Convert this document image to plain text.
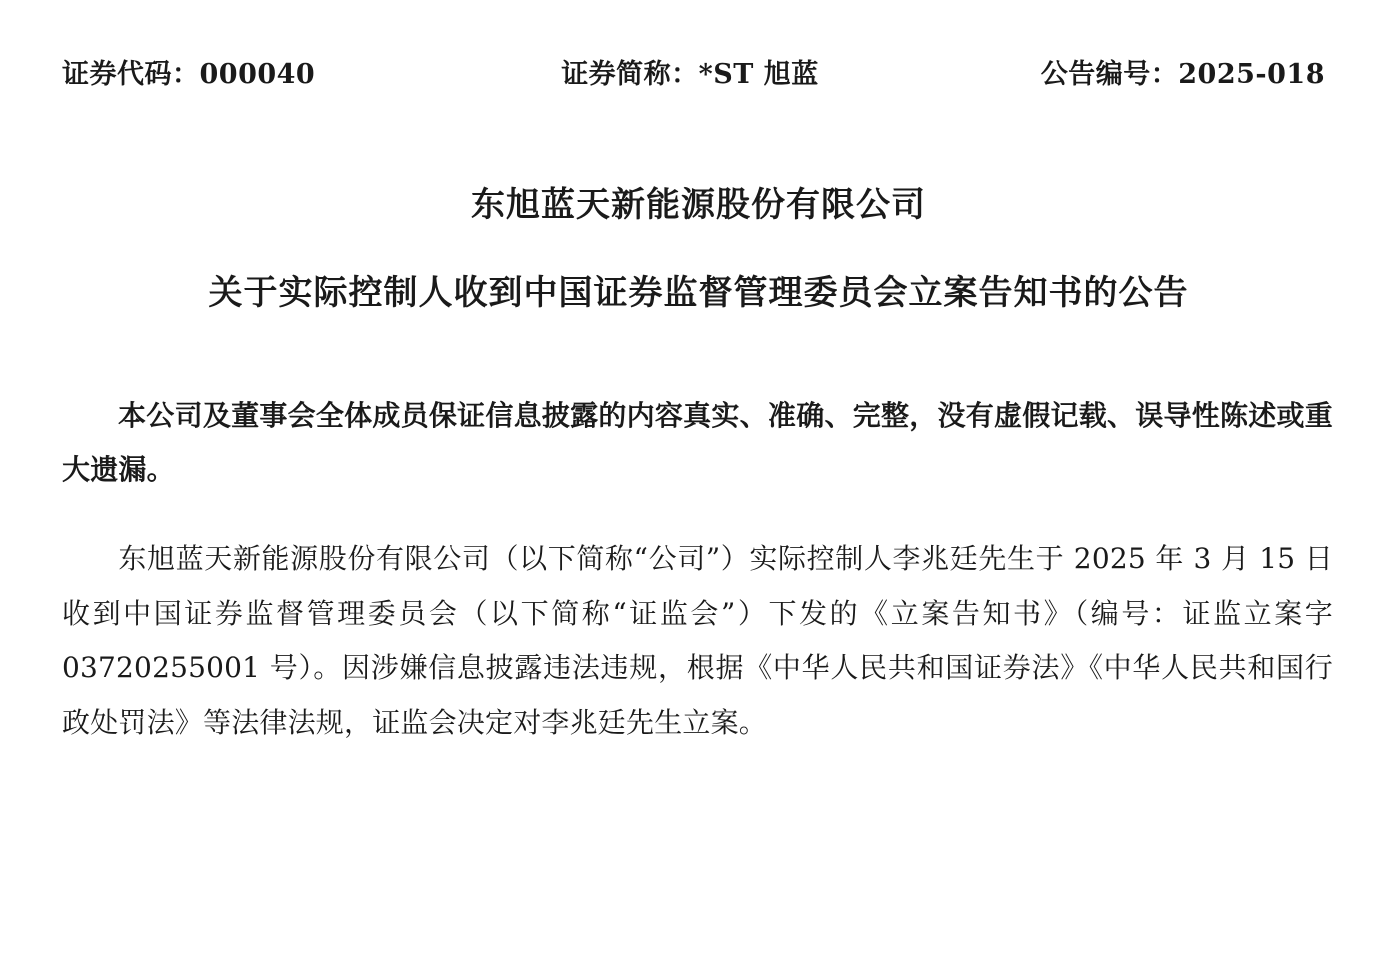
证券代码：000040	证券简称：*ST 旭蓝	公告编号：2025-018
东旭蓝天新能源股份有限公司
关于实际控制人收到中国证券监督管理委员会立案告知书的公告

本公司及董事会全体成员保证信息披露的内容真实、准确、完整，没有虚假记载、误导性陈述或重大遗漏。

东旭蓝天新能源股份有限公司（以下简称“公司”）实际控制人李兆廷先生于 2025 年 3 月 15 日收到中国证券监督管理委员会（以下简称“证监会”）下发的《立案告知书》（编号：证监立案字 03720255001 号）。因涉嫌信息披露违法违规，根据《中华人民共和国证券法》《中华人民共和国行政处罚法》等法律法规，证监会决定对李兆廷先生立案。
